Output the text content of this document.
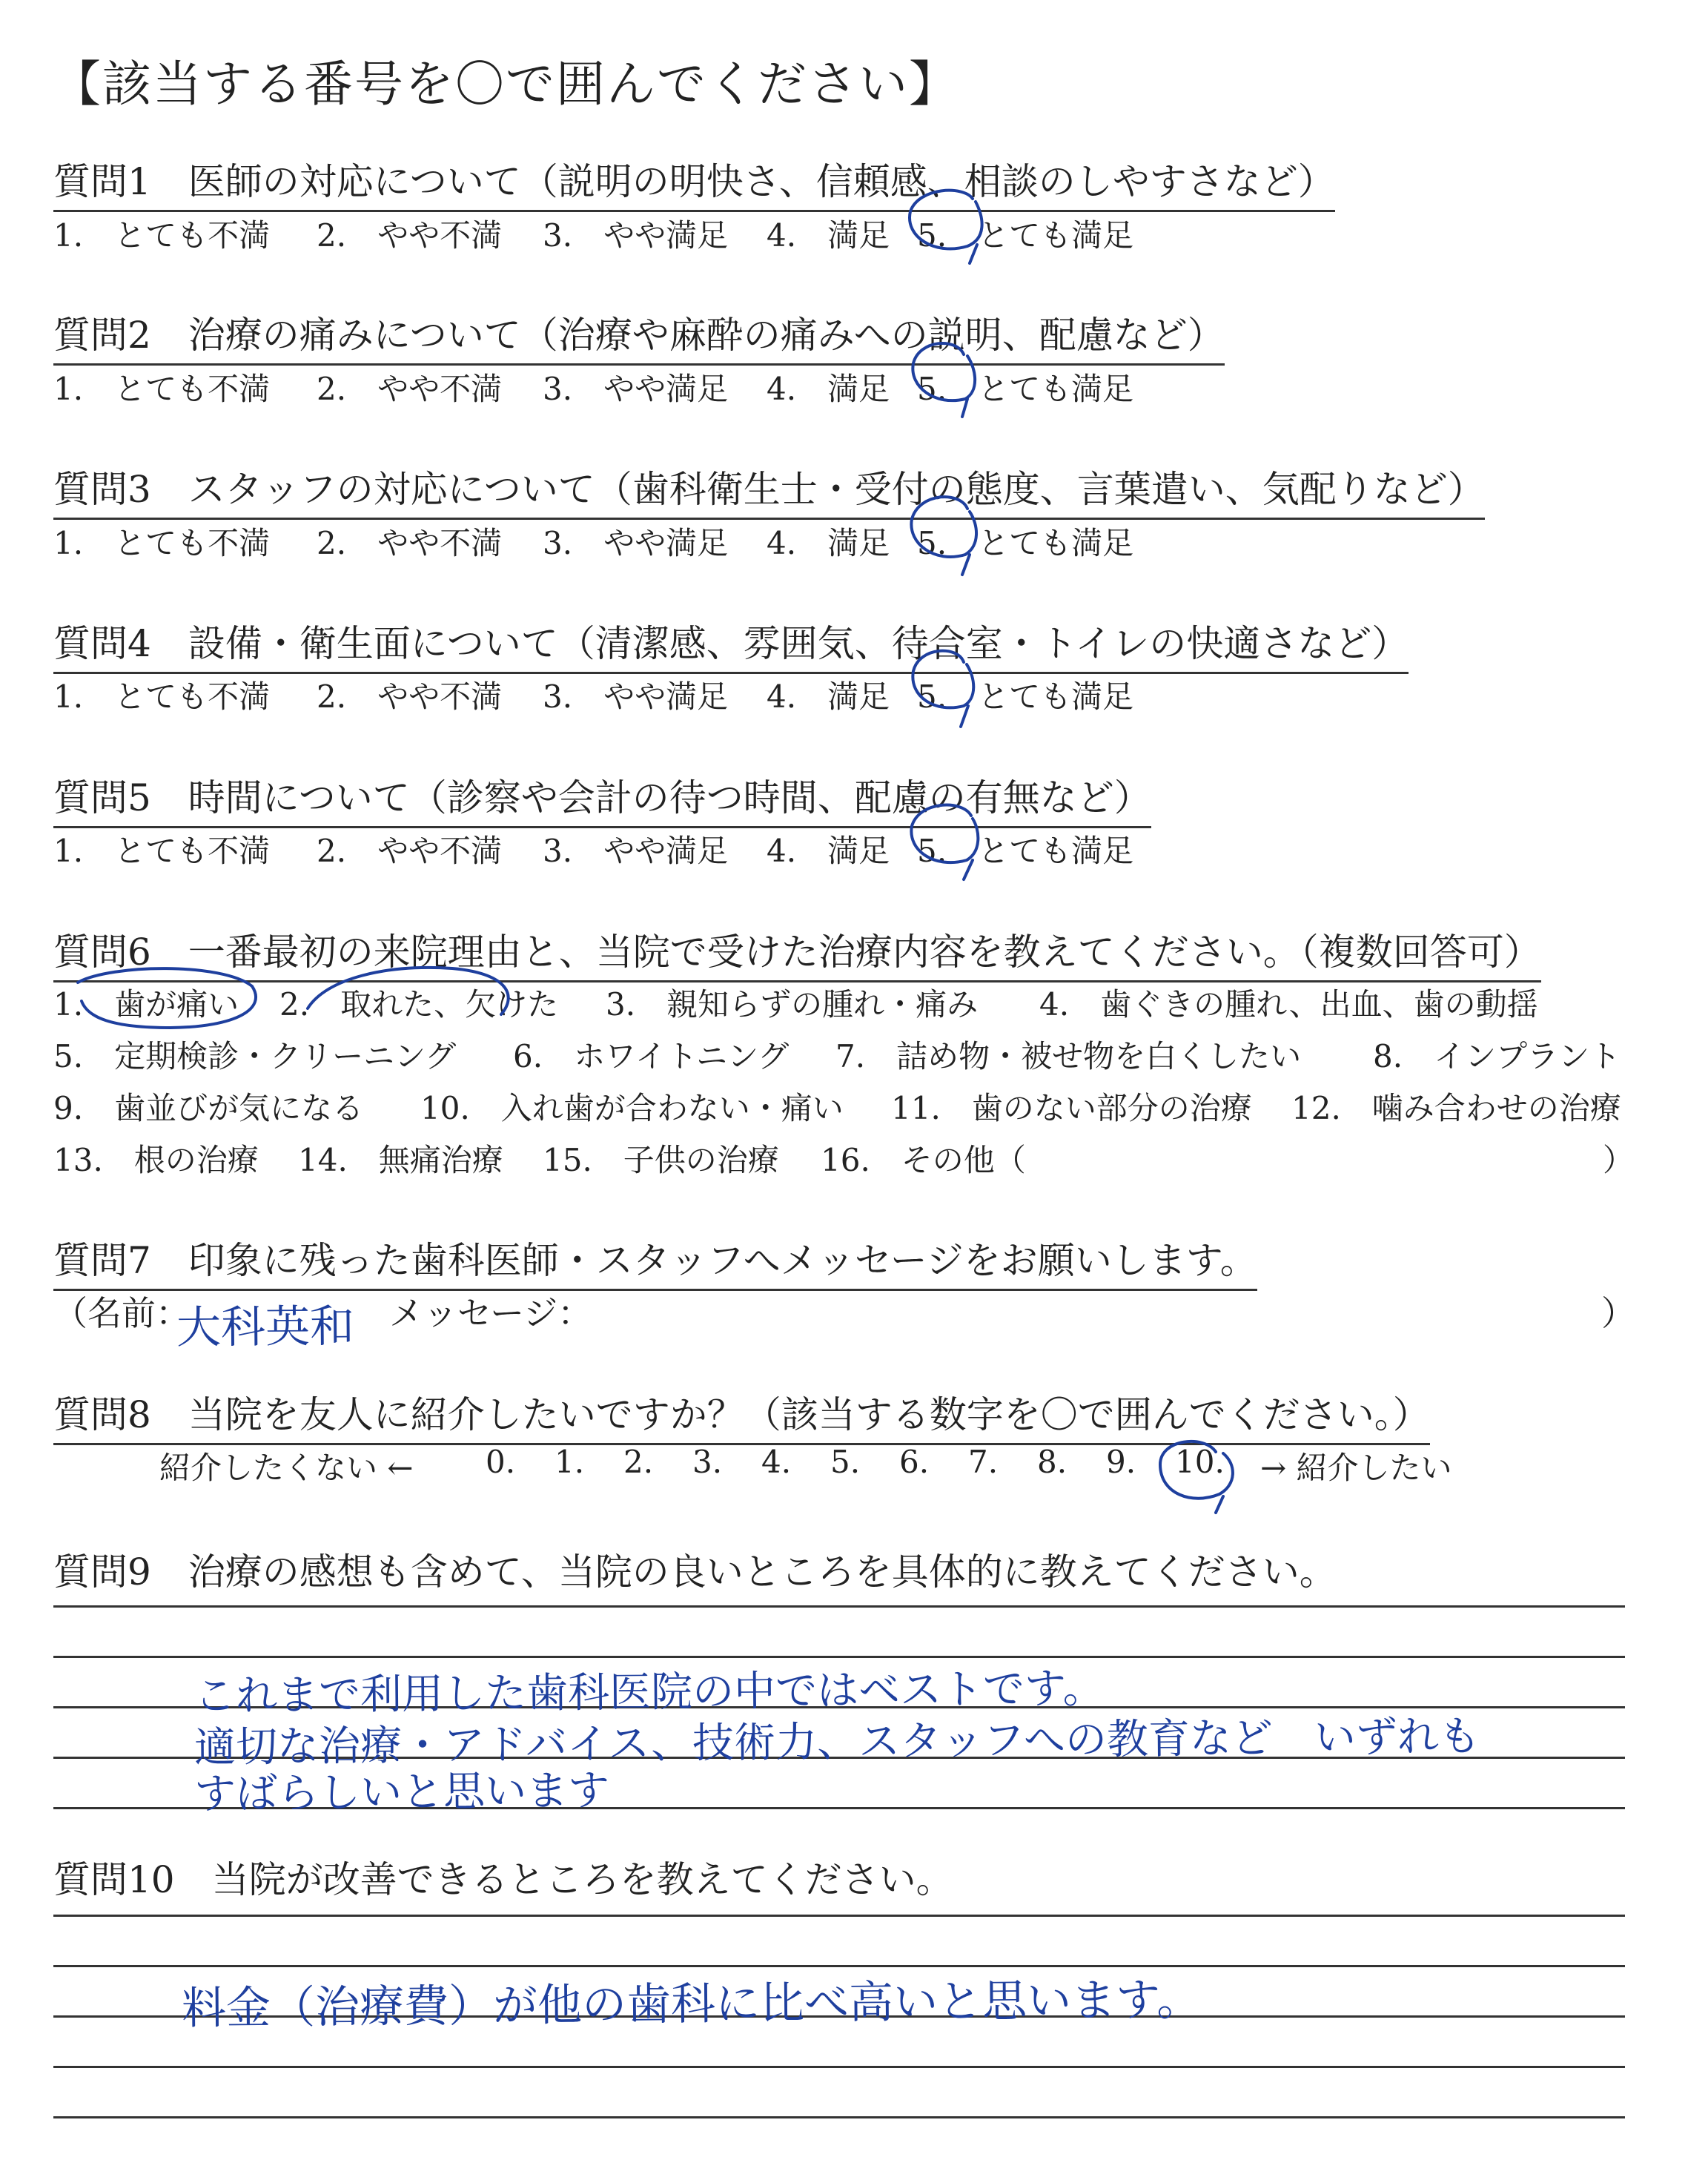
【該当する番号を〇で囲んでください】
質問1　医師の対応について（説明の明快さ、信頼感、相談のしやすさなど）
1.　とても不満 2.　やや不満 3.　やや満足 4.　満足 5.　とても満足
質問2　治療の痛みについて（治療や麻酔の痛みへの説明、配慮など）
1.　とても不満 2.　やや不満 3.　やや満足 4.　満足 5.　とても満足
質問3　スタッフの対応について（歯科衛生士・受付の態度、言葉遣い、気配りなど）
1.　とても不満 2.　やや不満 3.　やや満足 4.　満足 5.　とても満足
質問4　設備・衛生面について（清潔感、雰囲気、待合室・トイレの快適さなど）
1.　とても不満 2.　やや不満 3.　やや満足 4.　満足 5.　とても満足
質問5　時間について（診察や会計の待つ時間、配慮の有無など）
1.　とても不満 2.　やや不満 3.　やや満足 4.　満足 5.　とても満足
質問6　一番最初の来院理由と、当院で受けた治療内容を教えてください。（複数回答可）
1.　歯が痛い 2.　取れた、欠けた 3.　親知らずの腫れ・痛み 4.　歯ぐきの腫れ、出血、歯の動揺
5.　定期検診・クリーニング 6.　ホワイトニング 7.　詰め物・被せ物を白くしたい 8.　インプラント
9.　歯並びが気になる 10.　入れ歯が合わない・痛い 11.　歯のない部分の治療 12.　噛み合わせの治療
13.　根の治療 14.　無痛治療 15.　子供の治療 16.　その他（	）
質問7　印象に残った歯科医師・スタッフへメッセージをお願いします。
（名前：
大科英和 メッセージ：	）
質問8　当院を友人に紹介したいですか？（該当する数字を〇で囲んでください。）
紹介したくない ← 0. 1. 2. 3. 4. 5. 6. 7. 8. 9. 10. → 紹介したい
質問9　治療の感想も含めて、当院の良いところを具体的に教えてください。
これまで利用した歯科医院の中ではベストです。
適切な治療・アドバイス、技術力、スタッフへの教育など　いずれも
すばらしいと思います
質問10　当院が改善できるところを教えてください。
料金（治療費）が他の歯科に比べ高いと思います。
